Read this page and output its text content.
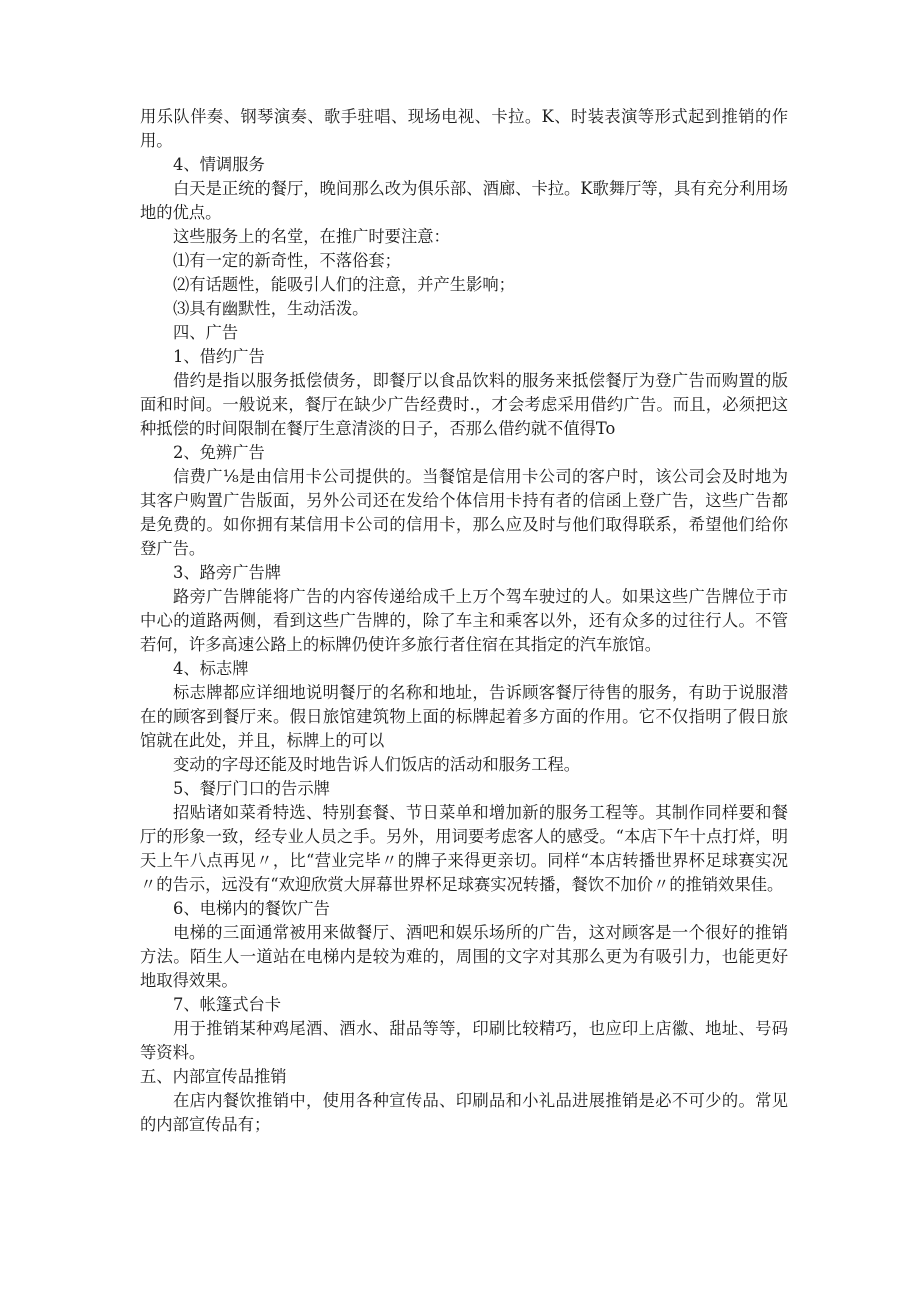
用乐队伴奏、钢琴演奏、歌手驻唱、现场电视、卡拉。K、时装表演等形式起到推销的作用。

4、情调服务

白天是正统的餐厅，晚间那么改为俱乐部、酒廊、卡拉。K歌舞厅等，具有充分利用场地的优点。

这些服务上的名堂，在推广时要注意：

⑴有一定的新奇性，不落俗套；

⑵有话题性，能吸引人们的注意，并产生影响；

⑶具有幽默性，生动活泼。

四、广告

1、借约广告

借约是指以服务抵偿债务，即餐厅以食品饮料的服务来抵偿餐厅为登广告而购置的版面和时间。一般说来，餐厅在缺少广告经费时.，才会考虑采用借约广告。而且，必须把这种抵偿的时间限制在餐厅生意清淡的日子，否那么借约就不值得To

2、免辨广告

信费广⅛是由信用卡公司提供的。当餐馆是信用卡公司的客户时，该公司会及时地为其客户购置广告版面，另外公司还在发给个体信用卡持有者的信函上登广告，这些广告都是免费的。如你拥有某信用卡公司的信用卡，那么应及时与他们取得联系，希望他们给你登广告。

3、路旁广告牌

路旁广告牌能将广告的内容传递给成千上万个驾车驶过的人。如果这些广告牌位于市中心的道路两侧，看到这些广告牌的，除了车主和乘客以外，还有众多的过往行人。不管若何，许多高速公路上的标牌仍使许多旅行者住宿在其指定的汽车旅馆。

4、标志牌

标志牌都应详细地说明餐厅的名称和地址，告诉顾客餐厅待售的服务，有助于说服潜在的顾客到餐厅来。假日旅馆建筑物上面的标牌起着多方面的作用。它不仅指明了假日旅馆就在此处，并且，标牌上的可以

变动的字母还能及时地告诉人们饭店的活动和服务工程。

5、餐厅门口的告示牌

招贴诸如菜肴特选、特别套餐、节日菜单和增加新的服务工程等。其制作同样要和餐厅的形象一致，经专业人员之手。另外，用词要考虑客人的感受。“本店下午十点打烊，明天上午八点再见〃，比“营业完毕〃的牌子来得更亲切。同样“本店转播世界杯足球赛实况〃的告示，远没有“欢迎欣赏大屏幕世界杯足球赛实况转播，餐饮不加价〃的推销效果佳。

6、电梯内的餐饮广告

电梯的三面通常被用来做餐厅、酒吧和娱乐场所的广告，这对顾客是一个很好的推销方法。陌生人一道站在电梯内是较为难的，周围的文字对其那么更为有吸引力，也能更好地取得效果。

7、帐篷式台卡

用于推销某种鸡尾酒、酒水、甜品等等，印刷比较精巧，也应印上店徽、地址、号码等资料。

五、内部宣传品推销

在店内餐饮推销中，使用各种宣传品、印刷品和小礼品进展推销是必不可少的。常见的内部宣传品有；
